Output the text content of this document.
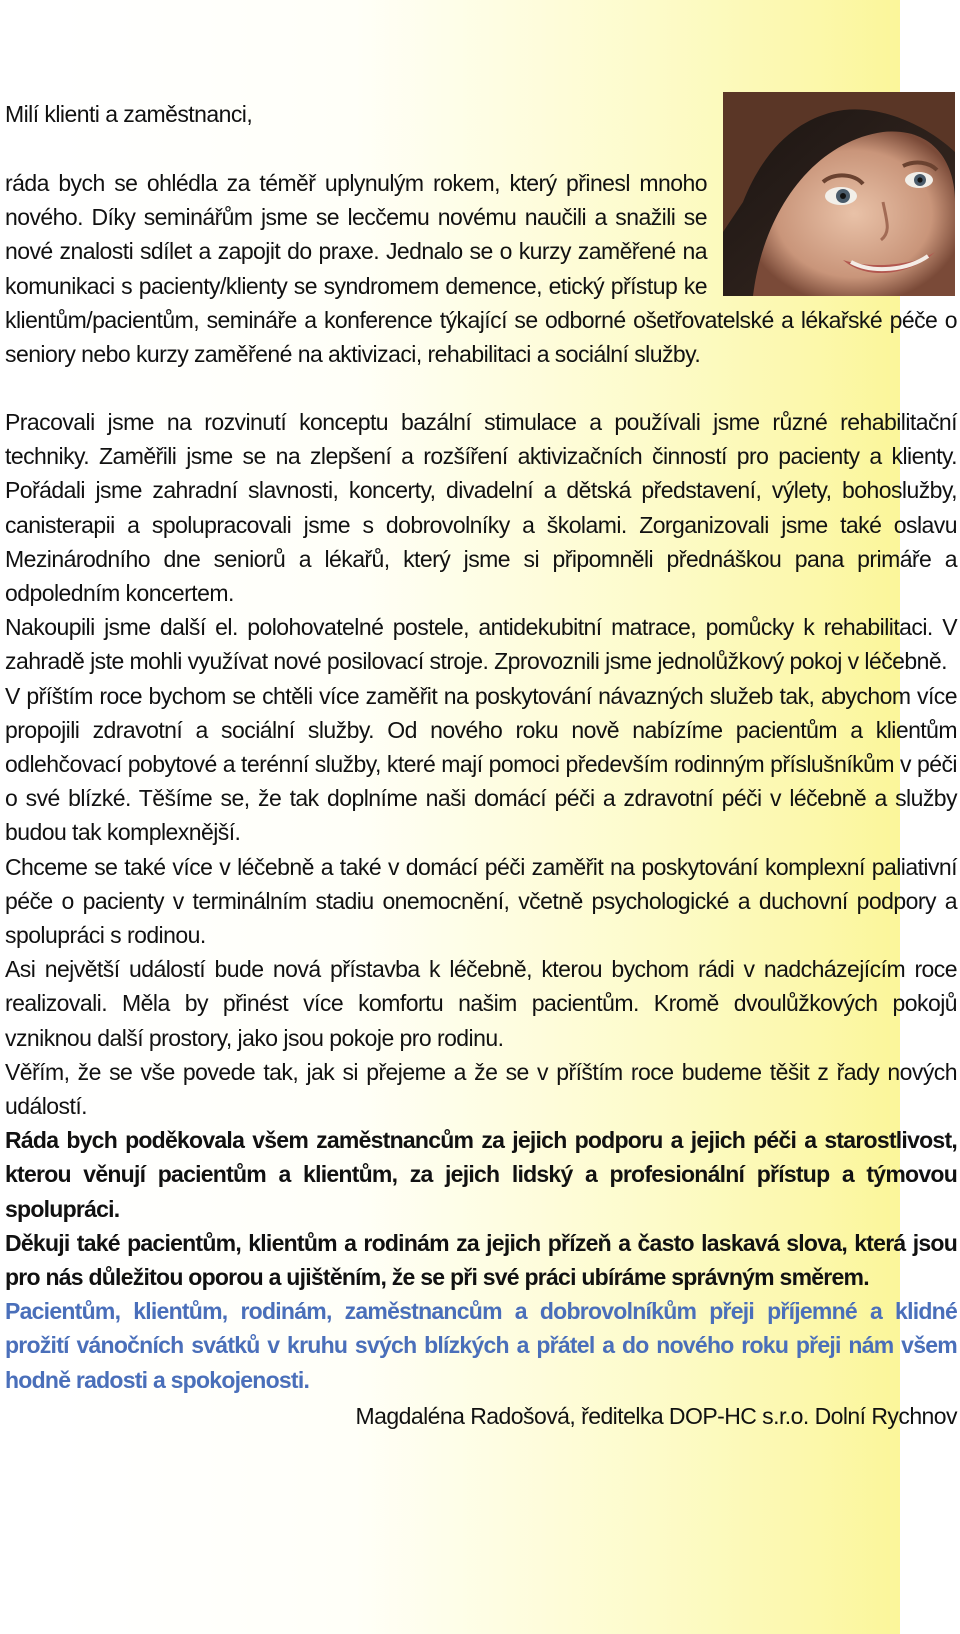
Milí klienti a zaměstnanci,

ráda bych se ohlédla za téměř uplynulým rokem, který přinesl mnoho nového. Díky seminářům jsme se lecčemu novému naučili a snažili se nové znalosti sdílet a zapojit do praxe. Jednalo se o kurzy zaměřené na komunikaci s pacienty/klienty se syndromem demence, etický přístup ke klientům/pacientům, semináře a konference týkající se odborné ošetřovatelské a lékařské péče o seniory nebo kurzy zaměřené na aktivizaci, rehabilitaci a sociální služby.

Pracovali jsme na rozvinutí konceptu bazální stimulace a používali jsme různé rehabilitační techniky. Zaměřili jsme se na zlepšení a rozšíření aktivizačních činností pro pacienty a klienty. Pořádali jsme zahradní slavnosti, koncerty, divadelní a dětská představení, výlety, bohoslužby, canisterapii a spolupracovali jsme s dobrovolníky a školami. Zorganizovali jsme také oslavu Mezinárodního dne seniorů a lékařů, který jsme si připomněli přednáškou pana primáře a odpoledním koncertem.

Nakoupili jsme další el. polohovatelné postele, antidekubitní matrace, pomůcky k rehabilitaci. V zahradě jste mohli využívat nové posilovací stroje. Zprovoznili jsme jednolůžkový pokoj v léčebně.

V příštím roce bychom se chtěli více zaměřit na poskytování návazných služeb tak, abychom více propojili zdravotní a sociální služby. Od nového roku nově nabízíme pacientům a klientům odlehčovací pobytové a terénní služby, které mají pomoci především rodinným příslušníkům v péči o své blízké. Těšíme se, že tak doplníme naši domácí péči a zdravotní péči v léčebně a služby budou tak komplexnější.

Chceme se také více v léčebně a také v domácí péči zaměřit na poskytování komplexní paliativní péče o pacienty v terminálním stadiu onemocnění, včetně psychologické a duchovní podpory a spolupráci s rodinou.

Asi největší událostí bude nová přístavba k léčebně, kterou bychom rádi v nadcházejícím roce realizovali. Měla by přinést více komfortu našim pacientům. Kromě dvoulůžkových pokojů vzniknou další prostory, jako jsou pokoje pro rodinu.

Věřím, že se vše povede tak, jak si přejeme a že se v příštím roce budeme těšit z řady nových událostí.

Ráda bych poděkovala všem zaměstnancům za jejich podporu a jejich péči a starostlivost, kterou věnují pacientům a klientům, za jejich lidský a profesionální přístup a týmovou spolupráci.

Děkuji také pacientům, klientům a rodinám za jejich přízeň a často laskavá slova, která jsou pro nás důležitou oporou a ujištěním, že se při své práci ubíráme správným směrem.

Pacientům, klientům, rodinám, zaměstnancům a dobrovolníkům přeji příjemné a klidné prožití vánočních svátků v kruhu svých blízkých a přátel a do nového roku přeji nám všem hodně radosti a spokojenosti.

Magdaléna Radošová, ředitelka DOP-HC s.r.o. Dolní Rychnov
